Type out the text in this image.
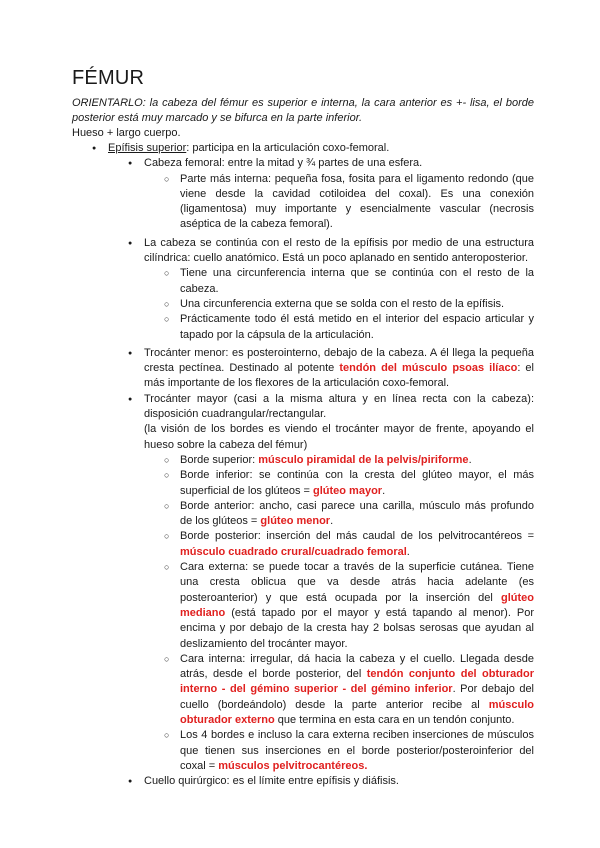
FÉMUR

ORIENTARLO: la cabeza del fémur es superior e interna, la cara anterior es +- lisa, el borde posterior está muy marcado y se bifurca en la parte inferior.

Hueso + largo cuerpo.

●
Epífisis superior: participa en la articulación coxo-femoral.
●
Cabeza femoral: entre la mitad y ¾ partes de una esfera.
○
Parte más interna: pequeña fosa, fosita para el ligamento redondo (que viene desde la cavidad cotiloidea del coxal). Es una conexión (ligamentosa) muy importante y esencialmente vascular (necrosis aséptica de la cabeza femoral).
●
La cabeza se continúa con el resto de la epífisis por medio de una estructura cilíndrica: cuello anatómico. Está un poco aplanado en sentido anteroposterior.
○
Tiene una circunferencia interna que se continúa con el resto de la cabeza.
○
Una circunferencia externa que se solda con el resto de la epífisis.
○
Prácticamente todo él está metido en el interior del espacio articular y tapado por la cápsula de la articulación.
●
Trocánter menor: es posterointerno, debajo de la cabeza. A él llega la pequeña cresta pectínea. Destinado al potente tendón del músculo psoas ilíaco: el más importante de los flexores de la articulación coxo-femoral.
●
Trocánter mayor (casi a la misma altura y en línea recta con la cabeza): disposición cuadrangular/rectangular.
(la visión de los bordes es viendo el trocánter mayor de frente, apoyando el hueso sobre la cabeza del fémur)
○
Borde superior: músculo piramidal de la pelvis/piriforme.
○
Borde inferior: se continúa con la cresta del glúteo mayor, el más superficial de los glúteos = glúteo mayor.
○
Borde anterior: ancho, casi parece una carilla, músculo más profundo de los glúteos = glúteo menor.
○
Borde posterior: inserción del más caudal de los pelvitrocantéreos = músculo cuadrado crural/cuadrado femoral.
○
Cara externa: se puede tocar a través de la superficie cutánea. Tiene una cresta oblicua que va desde atrás hacia adelante (es posteroanterior) y que está ocupada por la inserción del glúteo mediano (está tapado por el mayor y está tapando al menor). Por encima y por debajo de la cresta hay 2 bolsas serosas que ayudan al deslizamiento del trocánter mayor.
○
Cara interna: irregular, dá hacia la cabeza y el cuello. Llegada desde atrás, desde el borde posterior, del tendón conjunto del obturador interno - del gémino superior - del gémino inferior. Por debajo del cuello (bordeándolo) desde la parte anterior recibe al músculo obturador externo que termina en esta cara en un tendón conjunto.
○
Los 4 bordes e incluso la cara externa reciben inserciones de músculos que tienen sus inserciones en el borde posterior/posteroinferior del coxal = músculos pelvitrocantéreos.
●
Cuello quirúrgico: es el límite entre epífisis y diáfisis.
